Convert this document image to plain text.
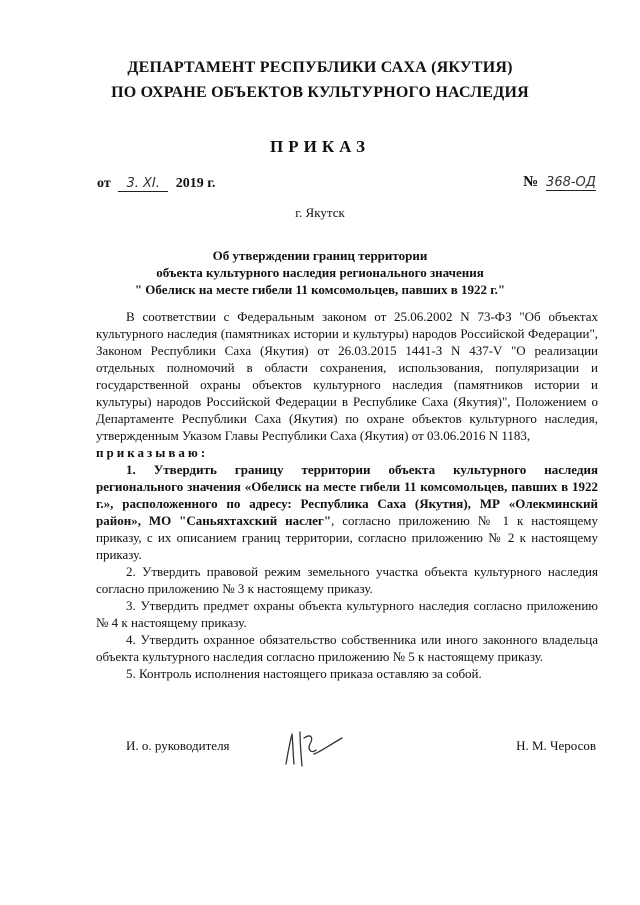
ДЕПАРТАМЕНТ РЕСПУБЛИКИ САХА (ЯКУТИЯ)
ПО ОХРАНЕ ОБЪЕКТОВ КУЛЬТУРНОГО НАСЛЕДИЯ
ПРИКАЗ
от 3. XI. 2019 г.	№ 368-ОД
г. Якутск
Об утверждении границ территории
объекта культурного наследия регионального значения
" Обелиск на месте гибели 11 комсомольцев, павших в 1922 г."

В соответствии с Федеральным законом от 25.06.2002 N 73-ФЗ "Об объектах культурного наследия (памятниках истории и культуры) народов Российской Федерации", Законом Республики Саха (Якутия) от 26.03.2015 1441-З N 437-V "О реализации отдельных полномочий в области сохранения, использования, популяризации и государственной охраны объектов культурного наследия (памятников истории и культуры) народов Российской Федерации в Республике Саха (Якутия)", Положением о Департаменте Республики Саха (Якутия) по охране объектов культурного наследия, утвержденным Указом Главы Республики Саха (Якутия) от 03.06.2016 N 1183,

приказываю:

1. Утвердить границу территории объекта культурного наследия регионального значения «Обелиск на месте гибели 11 комсомольцев, павших в 1922 г.», расположенного по адресу: Республика Саха (Якутия), МР «Олекминский район», МО "Саньяхтахский наслег", согласно приложению № 1 к настоящему приказу, с их описанием границ территории, согласно приложению № 2 к настоящему приказу.

2. Утвердить правовой режим земельного участка объекта культурного наследия согласно приложению № 3 к настоящему приказу.

3. Утвердить предмет охраны объекта культурного наследия согласно приложению № 4 к настоящему приказу.

4. Утвердить охранное обязательство собственника или иного законного владельца объекта культурного наследия согласно приложению № 5 к настоящему приказу.

5. Контроль исполнения настоящего приказа оставляю за собой.

И. о. руководителя	Н. М. Черосов
